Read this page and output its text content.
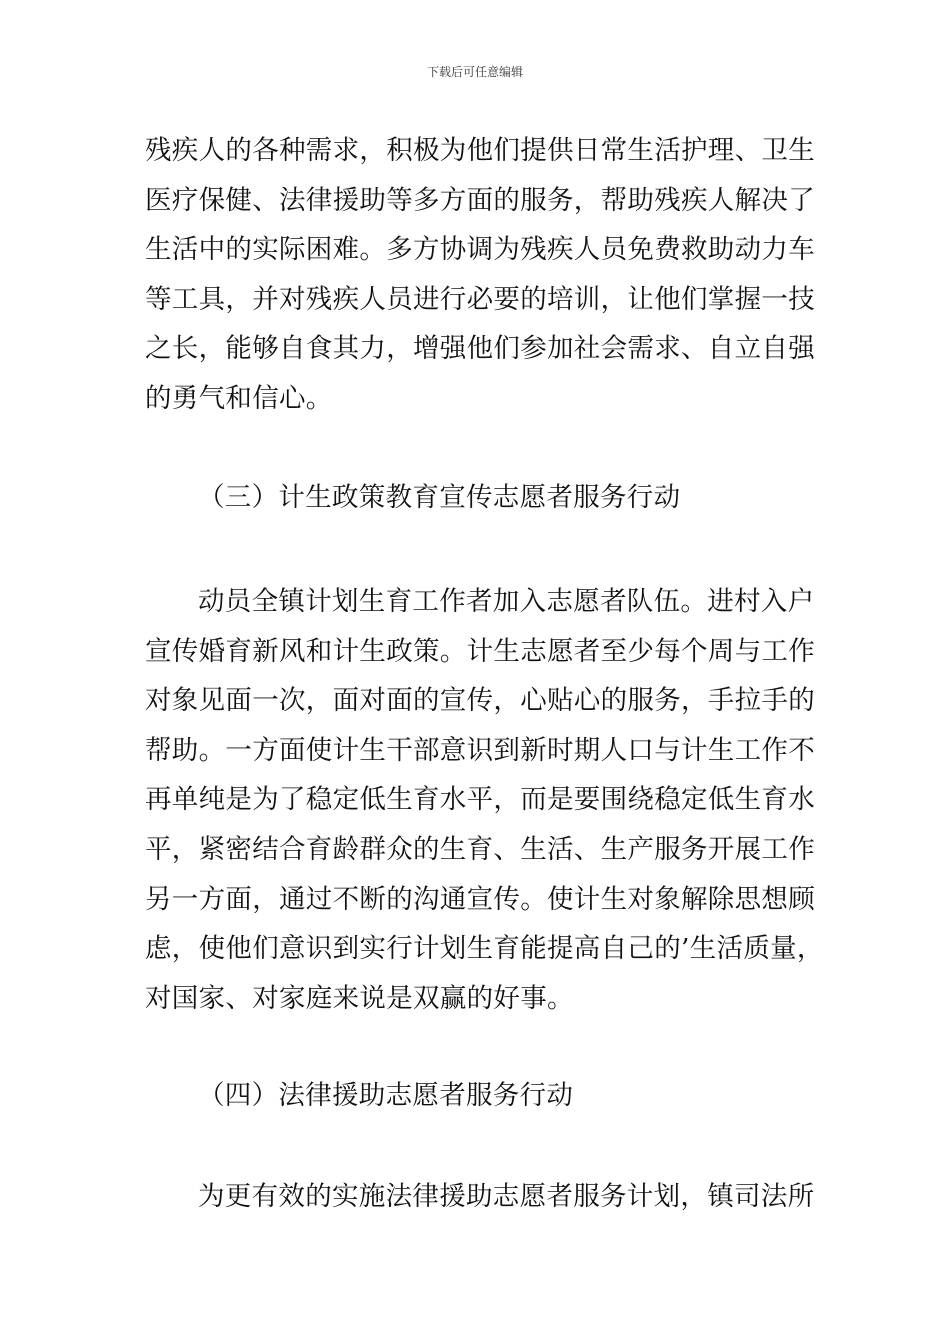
下载后可任意编辑
残疾人的各种需求，积极为他们提供日常生活护理、卫生
医疗保健、法律援助等多方面的服务，帮助残疾人解决了
生活中的实际困难。多方协调为残疾人员免费救助动力车
等工具，并对残疾人员进行必要的培训，让他们掌握一技
之长，能够自食其力，增强他们参加社会需求、自立自强
的勇气和信心。
（三）计生政策教育宣传志愿者服务行动
动员全镇计划生育工作者加入志愿者队伍。进村入户
宣传婚育新风和计生政策。计生志愿者至少每个周与工作
对象见面一次，面对面的宣传，心贴心的服务，手拉手的
帮助。一方面使计生干部意识到新时期人口与计生工作不
再单纯是为了稳定低生育水平，而是要围绕稳定低生育水
平，紧密结合育龄群众的生育、生活、生产服务开展工作
另一方面，通过不断的沟通宣传。使计生对象解除思想顾
虑，使他们意识到实行计划生育能提高自己的’生活质量，
对国家、对家庭来说是双赢的好事。
（四）法律援助志愿者服务行动
为更有效的实施法律援助志愿者服务计划，镇司法所
